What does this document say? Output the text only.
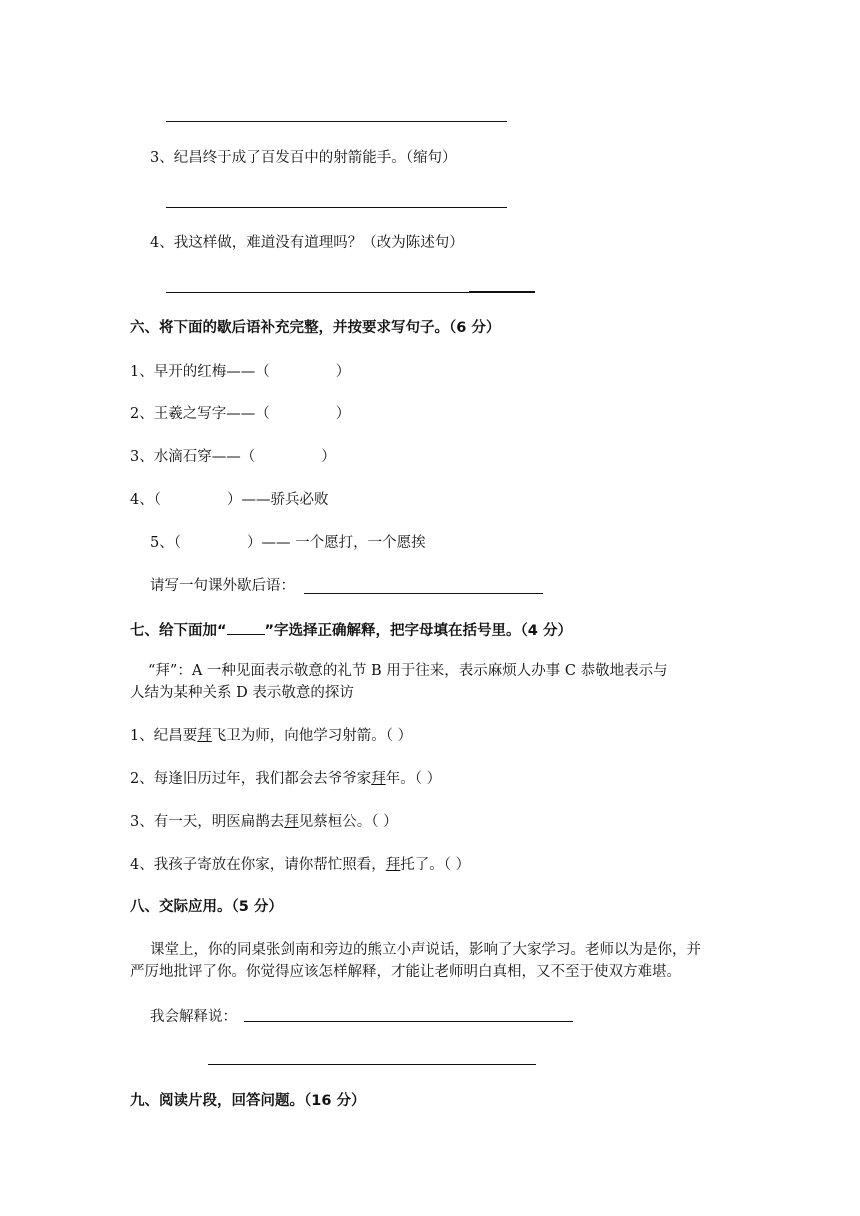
3、纪昌终于成了百发百中的射箭能手。（缩句）
4、我这样做，难道没有道理吗？（改为陈述句）
六、将下面的歇后语补充完整，并按要求写句子。（6 分）
1、早开的红梅——（	）
2、王羲之写字——（	）
3、水滴石穿——（	）
4、（	）——骄兵必败
5、（	）—— 一个愿打，一个愿挨
请写一句课外歇后语：
七、给下面加“	”字选择正确解释，把字母填在括号里。（4 分）
“拜”：A 一种见面表示敬意的礼节 B 用于往来，表示麻烦人办事 C 恭敬地表示与
人结为某种关系 D 表示敬意的探访
1、纪昌要拜飞卫为师，向他学习射箭。（ ）
2、每逢旧历过年，我们都会去爷爷家拜年。（ ）
3、有一天，明医扁鹊去拜见蔡桓公。（ ）
4、我孩子寄放在你家，请你帮忙照看，拜托了。（ ）
八、交际应用。（5 分）
课堂上，你的同桌张剑南和旁边的熊立小声说话，影响了大家学习。老师以为是你，并
严厉地批评了你。你觉得应该怎样解释，才能让老师明白真相，又不至于使双方难堪。
我会解释说：
九、阅读片段，回答问题。（16 分）
